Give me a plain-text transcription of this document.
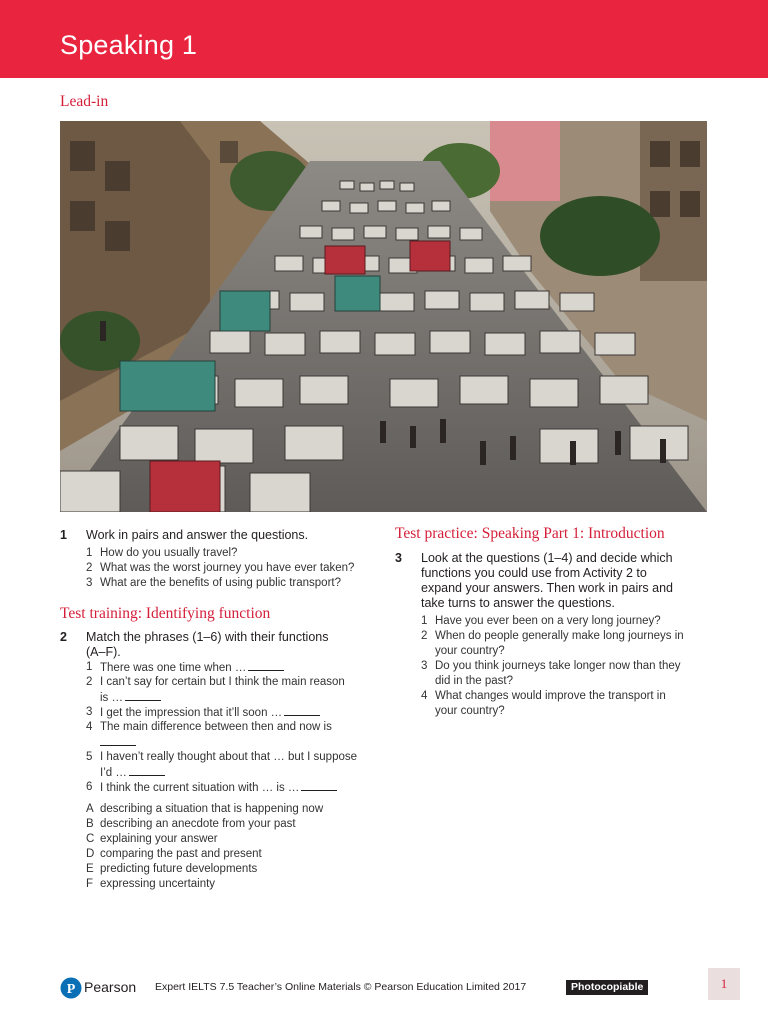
Speaking 1
Lead-in
1 Work in pairs and answer the questions.
1 How do you usually travel?
2 What was the worst journey you have ever taken?
3 What are the benefits of using public transport?
Test training: Identifying function
2 Match the phrases (1–6) with their functions
(A–F).
1 There was one time when …
2 I can’t say for certain but I think the main reason
is …
3 I get the impression that it’ll soon …
4 The main difference between then and now is
5 I haven’t really thought about that … but I suppose
I’d …
6 I think the current situation with … is …
A describing a situation that is happening now
B describing an anecdote from your past
C explaining your answer
D comparing the past and present
E predicting future developments
F expressing uncertainty
Test practice: Speaking Part 1: Introduction
3 Look at the questions (1–4) and decide which
functions you could use from Activity 2 to
expand your answers. Then work in pairs and
take turns to answer the questions.
1 Have you ever been on a very long journey?
2 When do people generally make long journeys in
your country?
3 Do you think journeys take longer now than they
did in the past?
4 What changes would improve the transport in
your country?
P Pearson Expert IELTS 7.5 Teacher’s Online Materials © Pearson Education Limited 2017	Photocopiable	1
